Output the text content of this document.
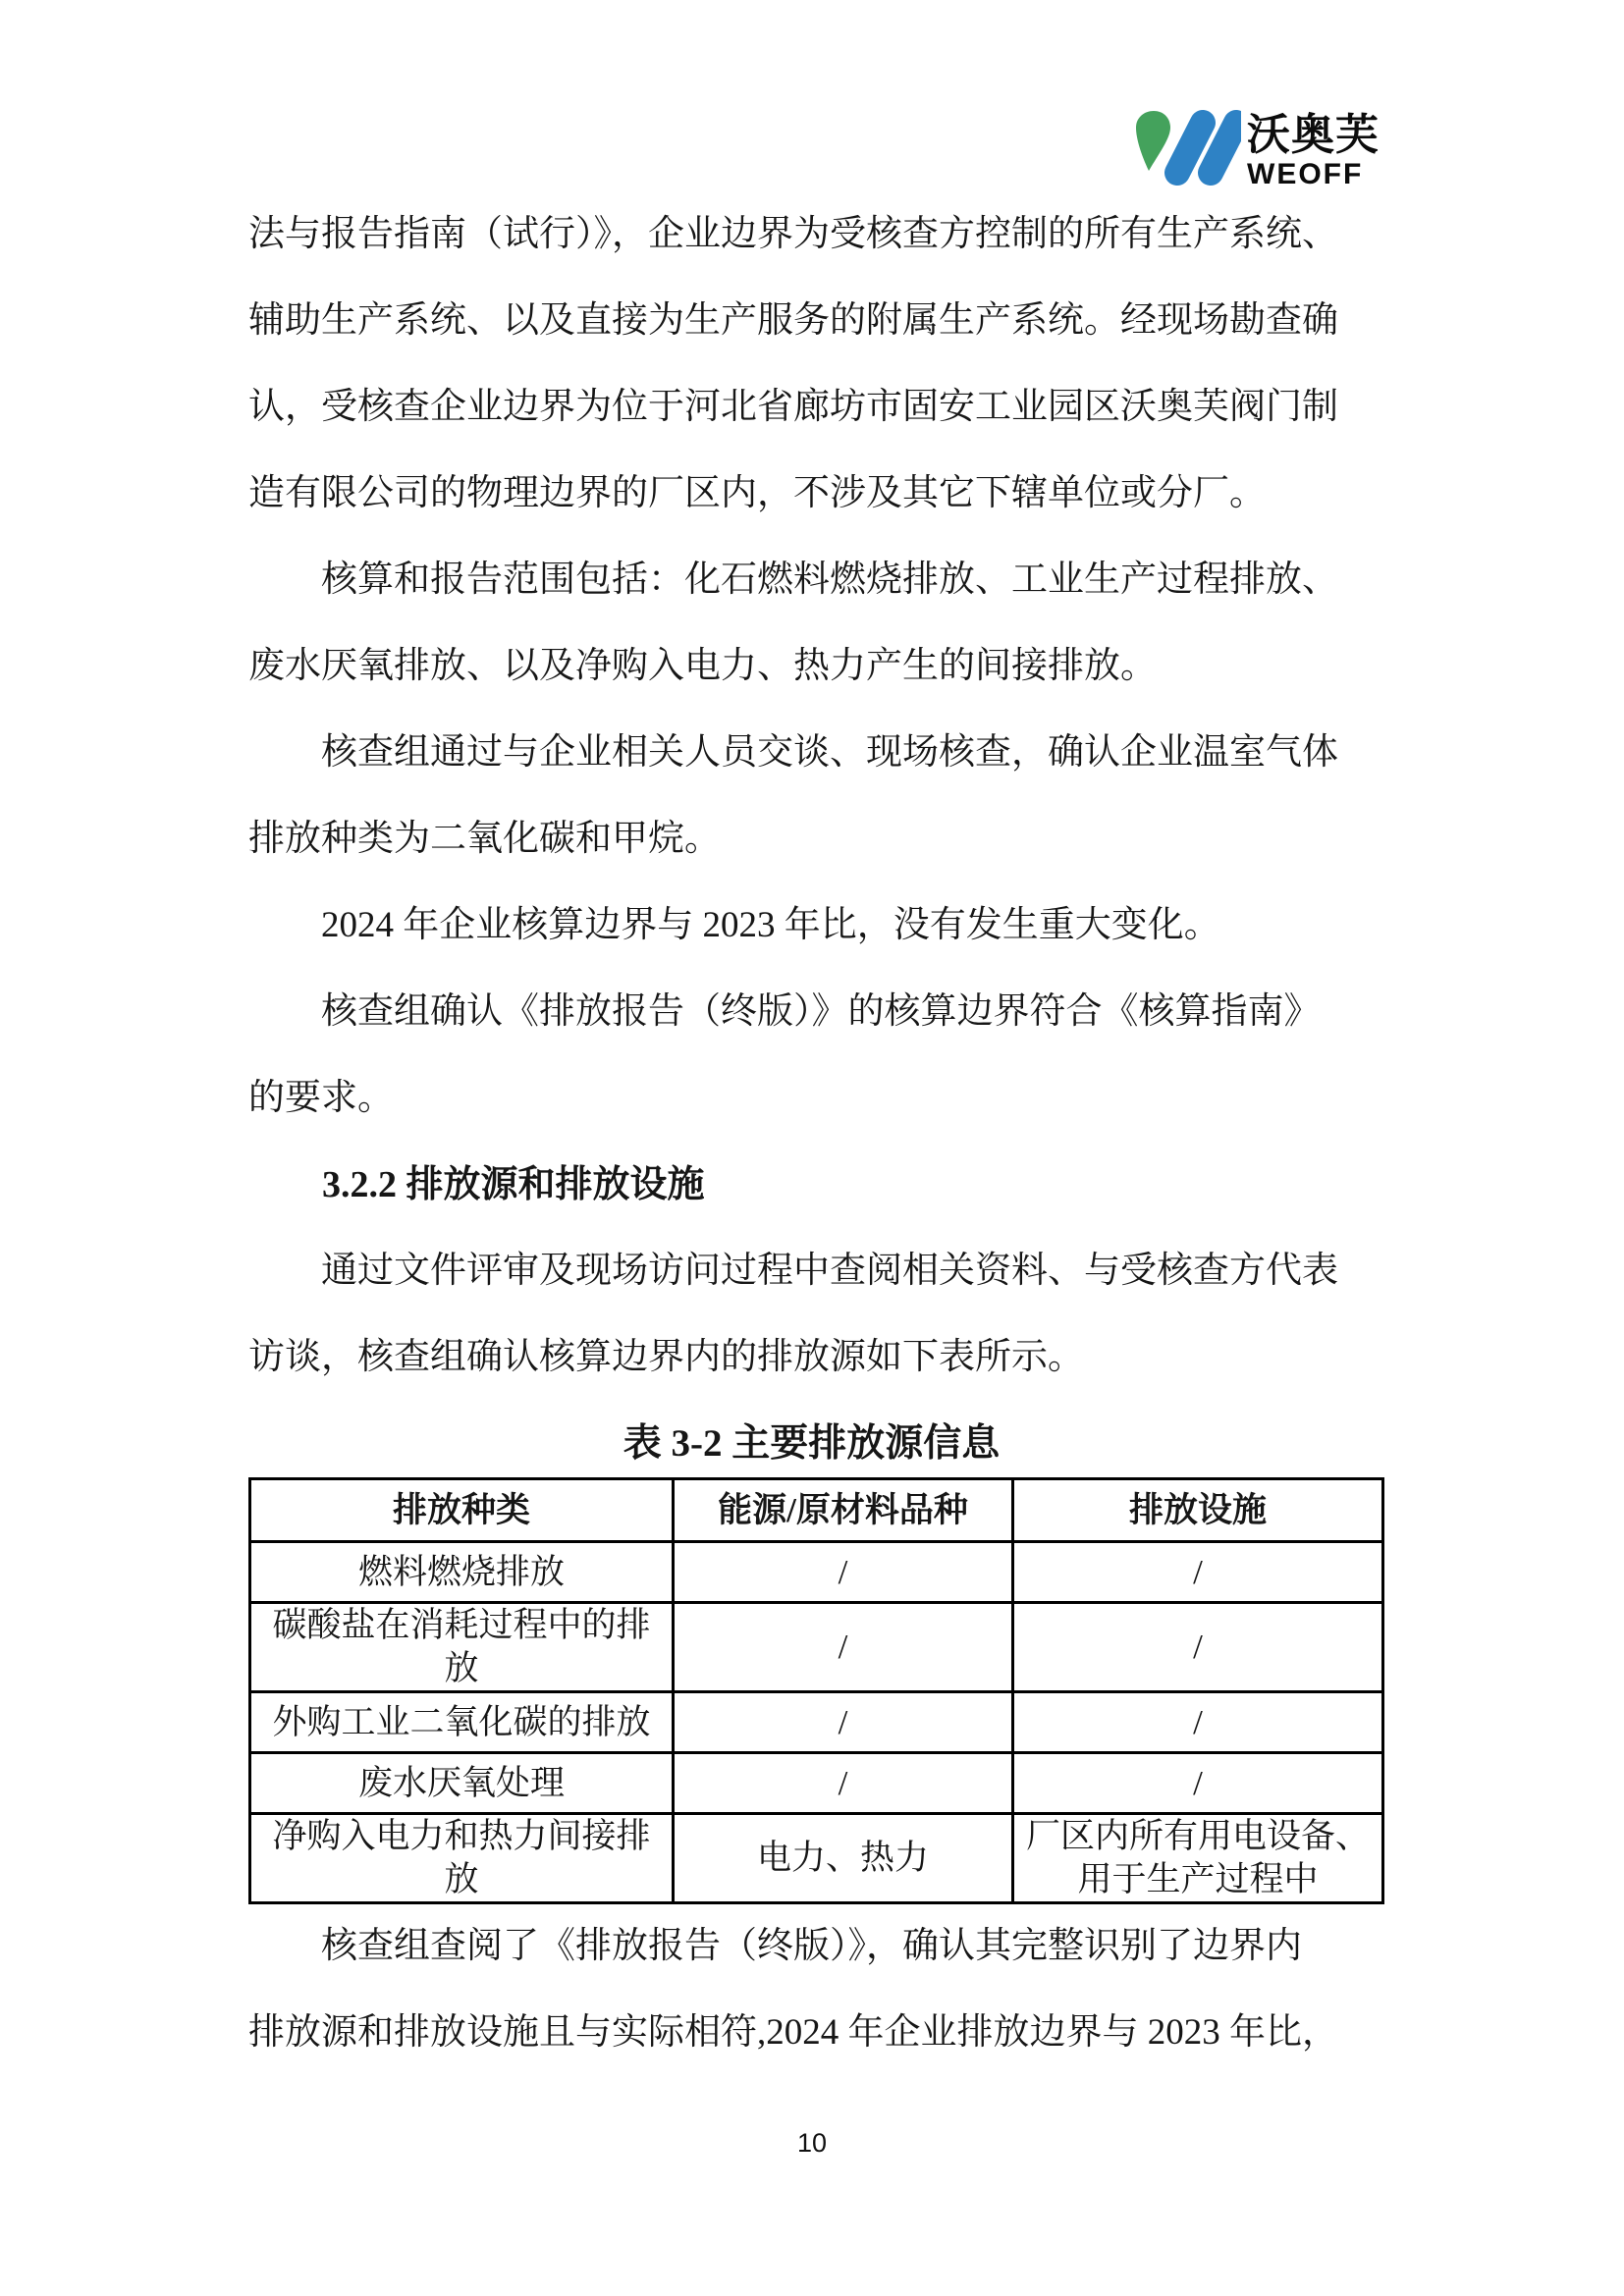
沃奥芙
WEOFF
法与报告指南（试行）》，企业边界为受核查方控制的所有生产系统、
辅助生产系统、以及直接为生产服务的附属生产系统。经现场勘查确
认，受核查企业边界为位于河北省廊坊市固安工业园区沃奥芙阀门制
造有限公司的物理边界的厂区内，不涉及其它下辖单位或分厂。
核算和报告范围包括：化石燃料燃烧排放、工业生产过程排放、
废水厌氧排放、以及净购入电力、热力产生的间接排放。
核查组通过与企业相关人员交谈、现场核查，确认企业温室气体
排放种类为二氧化碳和甲烷。
2024 年企业核算边界与 2023 年比，没有发生重大变化。
核查组确认《排放报告（终版）》的核算边界符合《核算指南》
的要求。
3.2.2 排放源和排放设施
通过文件评审及现场访问过程中查阅相关资料、与受核查方代表
访谈，核查组确认核算边界内的排放源如下表所示。
表 3-2 主要排放源信息
排放种类	能源/原材料品种	排放设施
燃料燃烧排放	/	/
碳酸盐在消耗过程中的排放	/	/
外购工业二氧化碳的排放	/	/
废水厌氧处理	/	/
净购入电力和热力间接排放	电力、热力	厂区内所有用电设备、用于生产过程中
核查组查阅了《排放报告（终版）》，确认其完整识别了边界内
排放源和排放设施且与实际相符,2024 年企业排放边界与 2023 年比，
10
